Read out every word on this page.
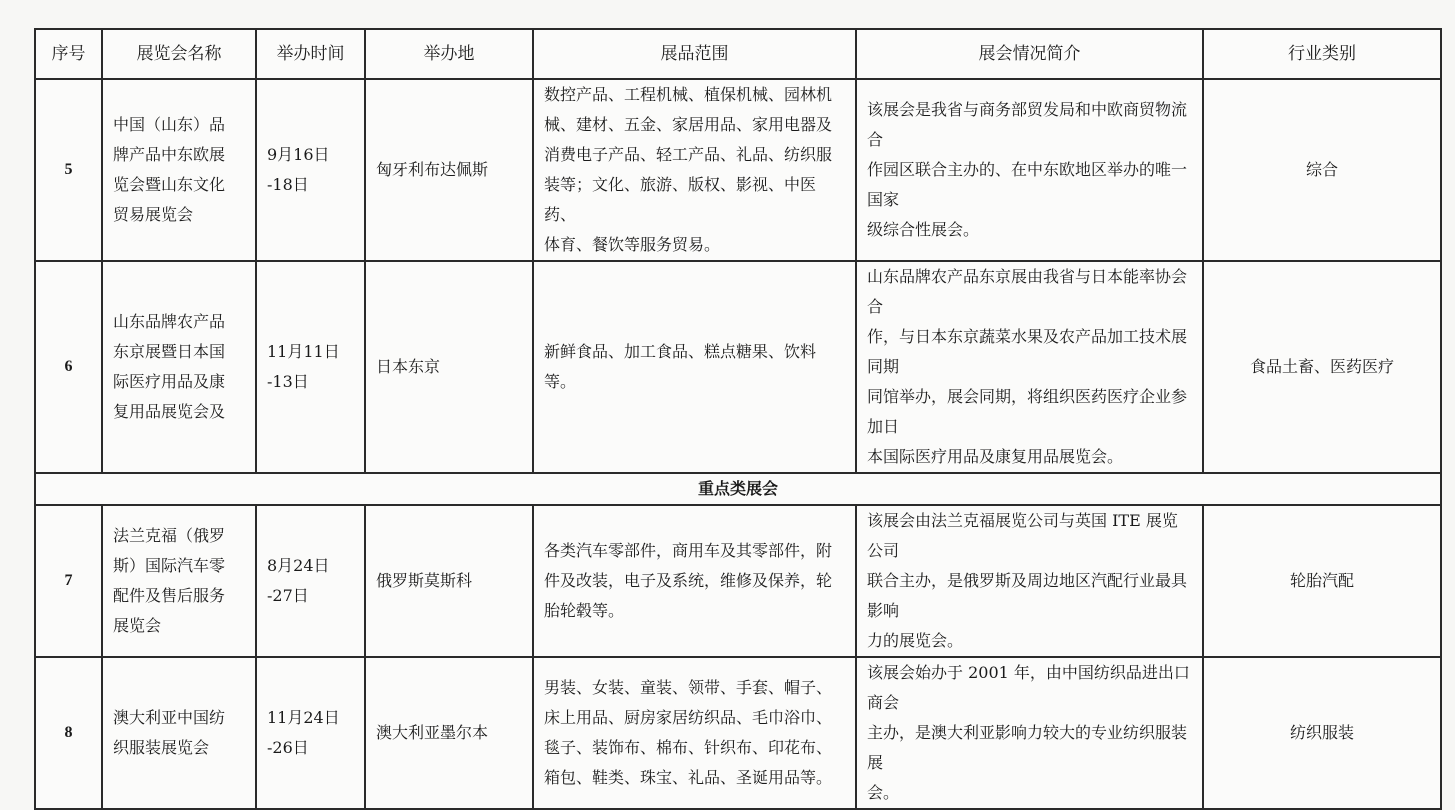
序号	展览会名称	举办时间	举办地	展品范围	展会情况简介	行业类别
5	中国（山东）品
牌产品中东欧展
览会暨山东文化
贸易展览会	9月16日
-18日	匈牙利布达佩斯	数控产品、工程机械、植保机械、园林机
械、建材、五金、家居用品、家用电器及
消费电子产品、轻工产品、礼品、纺织服
装等；文化、旅游、版权、影视、中医药、
体育、餐饮等服务贸易。	该展会是我省与商务部贸发局和中欧商贸物流合
作园区联合主办的、在中东欧地区举办的唯一国家
级综合性展会。	综合
6	山东品牌农产品
东京展暨日本国
际医疗用品及康
复用品展览会及	11月11日
-13日	日本东京	新鲜食品、加工食品、糕点糖果、饮料等。	山东品牌农产品东京展由我省与日本能率协会合
作，与日本东京蔬菜水果及农产品加工技术展同期
同馆举办，展会同期，将组织医药医疗企业参加日
本国际医疗用品及康复用品展览会。	食品土畜、医药医疗
重点类展会						
7	法兰克福（俄罗
斯）国际汽车零
配件及售后服务
展览会	8月24日
-27日	俄罗斯莫斯科	各类汽车零部件，商用车及其零部件，附
件及改装，电子及系统，维修及保养，轮
胎轮毂等。	该展会由法兰克福展览公司与英国 ITE 展览公司
联合主办，是俄罗斯及周边地区汽配行业最具影响
力的展览会。	轮胎汽配
8	澳大利亚中国纺
织服装展览会	11月24日
-26日	澳大利亚墨尔本	男装、女装、童装、领带、手套、帽子、
床上用品、厨房家居纺织品、毛巾浴巾、
毯子、装饰布、棉布、针织布、印花布、
箱包、鞋类、珠宝、礼品、圣诞用品等。	该展会始办于 2001 年，由中国纺织品进出口商会
主办，是澳大利亚影响力较大的专业纺织服装展
会。	纺织服装
